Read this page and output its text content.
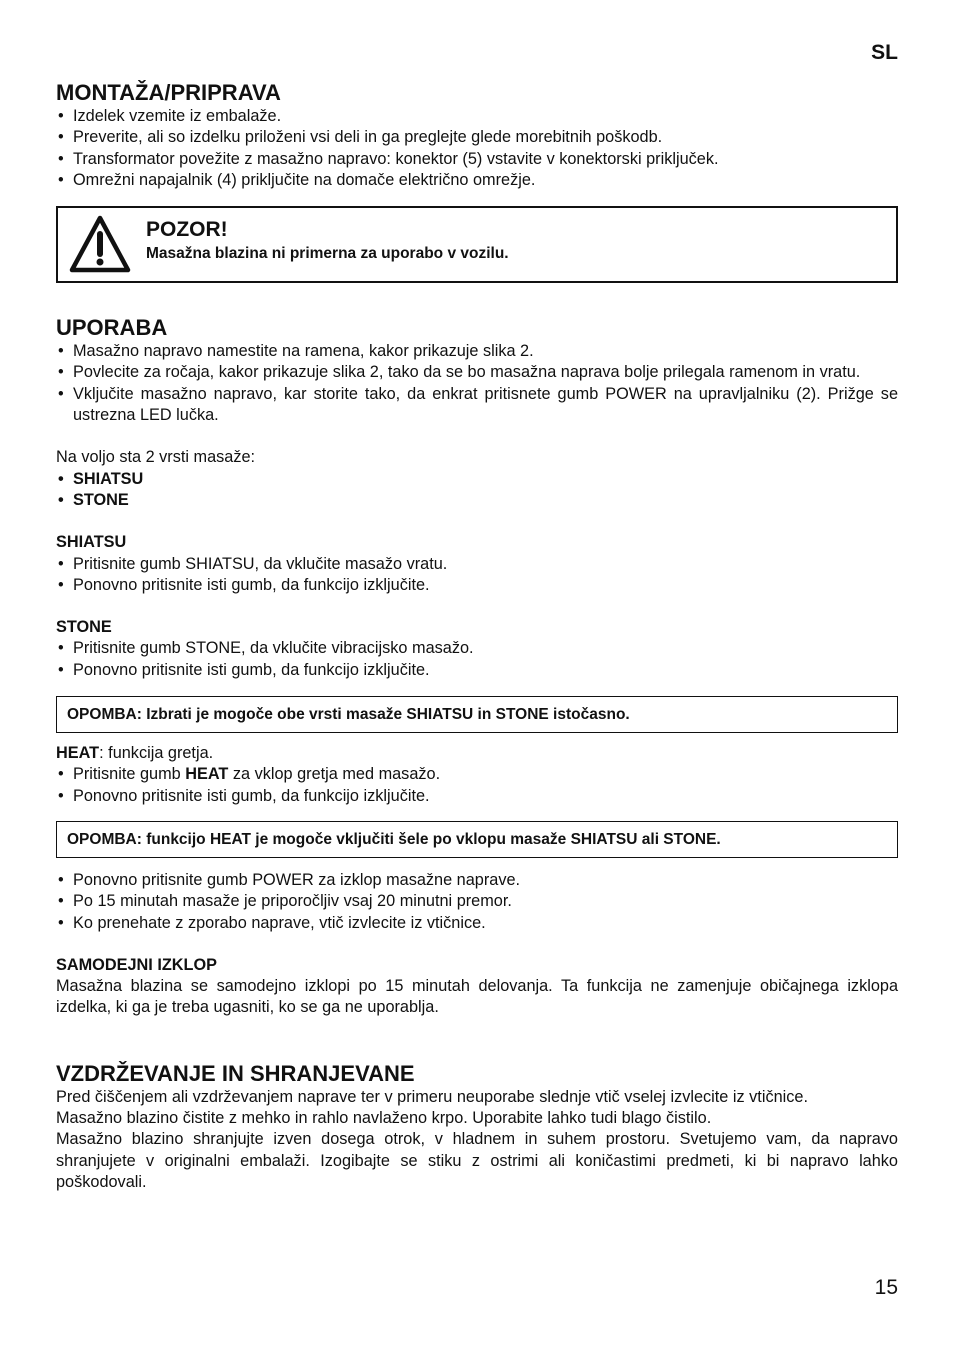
SL
MONTAŽA/PRIPRAVA
• Izdelek vzemite iz embalaže.
• Preverite, ali so izdelku priloženi vsi deli in ga preglejte glede morebitnih poškodb.
• Transformator povežite z masažno napravo: konektor (5) vstavite v konektorski priključek.
• Omrežni napajalnik (4) priključite na domače električno omrežje.
POZOR!
Masažna blazina ni primerna za uporabo v vozilu.
UPORABA
• Masažno napravo namestite na ramena, kakor prikazuje slika 2.
• Povlecite za ročaja, kakor prikazuje slika 2, tako da se bo masažna naprava bolje prilegala ramenom in vratu.
• Vključite masažno napravo, kar storite tako, da enkrat pritisnete gumb POWER na upravljalniku (2). Prižge se ustrezna LED lučka.

Na voljo sta 2 vrsti masaže:

• SHIATSU
• STONE
SHIATSU
• Pritisnite gumb SHIATSU, da vklučite masažo vratu.
• Ponovno pritisnite isti gumb, da funkcijo izključite.
STONE
• Pritisnite gumb STONE, da vklučite vibracijsko masažo.
• Ponovno pritisnite isti gumb, da funkcijo izključite.
OPOMBA: Izbrati je mogoče obe vrsti masaže SHIATSU in STONE istočasno.

HEAT: funkcija gretja.

• Pritisnite gumb HEAT za vklop gretja med masažo.
• Ponovno pritisnite isti gumb, da funkcijo izključite.
OPOMBA: funkcijo HEAT je mogoče vključiti šele po vklopu masaže SHIATSU ali STONE.
• Ponovno pritisnite gumb POWER za izklop masažne naprave.
• Po 15 minutah masaže je priporočljiv vsaj 20 minutni premor.
• Ko prenehate z zporabo naprave, vtič izvlecite iz vtičnice.
SAMODEJNI IZKLOP

Masažna blazina se samodejno izklopi po 15 minutah delovanja. Ta funkcija ne zamenjuje običajnega izklopa izdelka, ki ga je treba ugasniti, ko se ga ne uporablja.

VZDRŽEVANJE IN SHRANJEVANE

Pred čiščenjem ali vzdrževanjem naprave ter v primeru neuporabe slednje vtič vselej izvlecite iz vtičnice.

Masažno blazino čistite z mehko in rahlo navlaženo krpo. Uporabite lahko tudi blago čistilo.

Masažno blazino shranjujte izven dosega otrok, v hladnem in suhem prostoru. Svetujemo vam, da napravo shranjujete v originalni embalaži. Izogibajte se stiku z ostrimi ali koničastimi predmeti, ki bi napravo lahko poškodovali.

15
